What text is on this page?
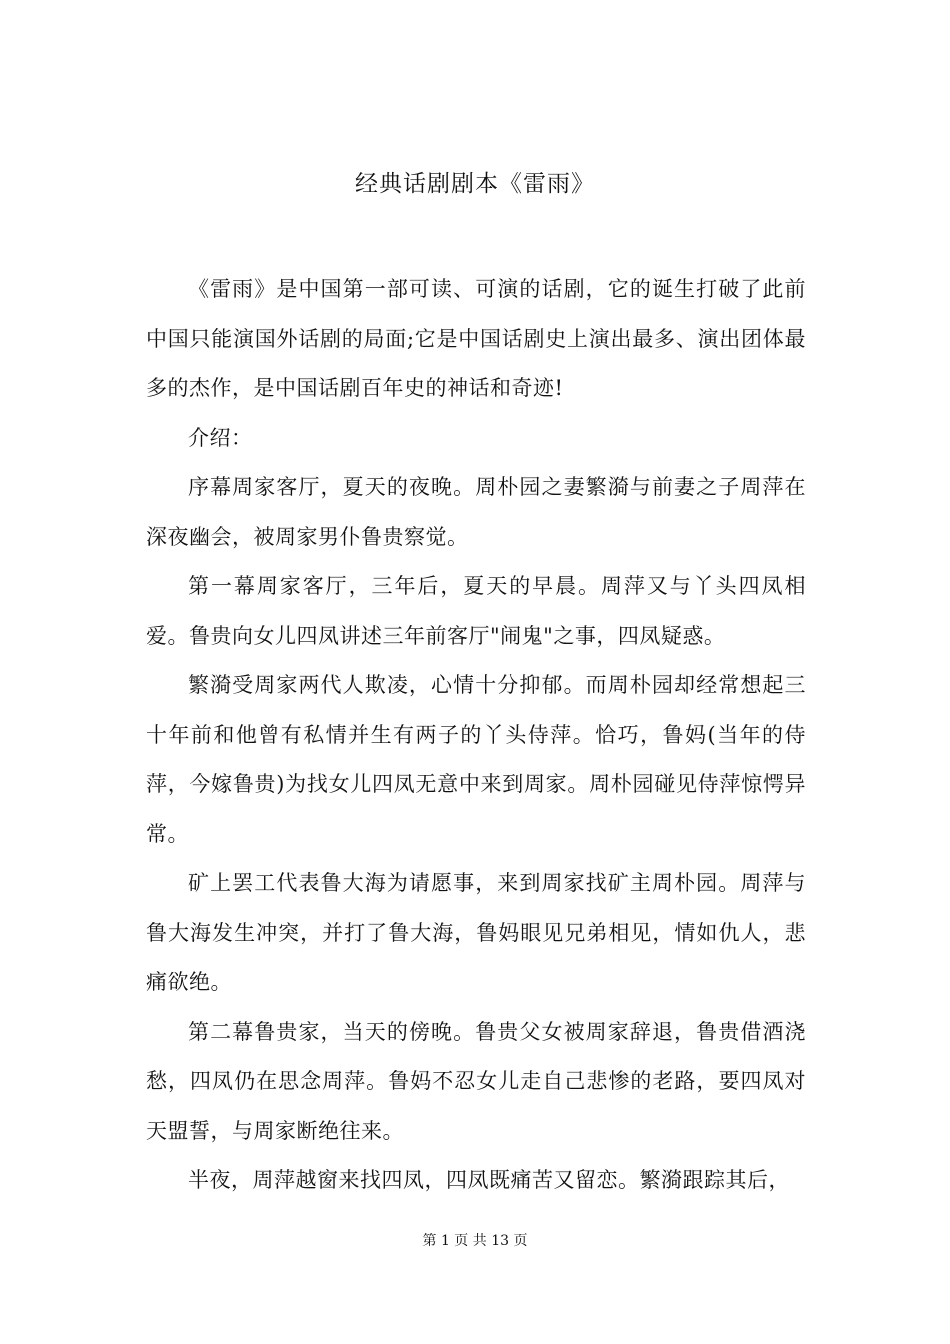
经典话剧剧本《雷雨》

《雷雨》是中国第一部可读、可演的话剧，它的诞生打破了此前中国只能演国外话剧的局面;它是中国话剧史上演出最多、演出团体最多的杰作，是中国话剧百年史的神话和奇迹!

介绍：

序幕周家客厅，夏天的夜晚。周朴园之妻繁漪与前妻之子周萍在深夜幽会，被周家男仆鲁贵察觉。

第一幕周家客厅，三年后，夏天的早晨。周萍又与丫头四凤相爱。鲁贵向女儿四凤讲述三年前客厅"闹鬼"之事，四凤疑惑。

繁漪受周家两代人欺凌，心情十分抑郁。而周朴园却经常想起三十年前和他曾有私情并生有两子的丫头侍萍。恰巧，鲁妈(当年的侍萍，今嫁鲁贵)为找女儿四凤无意中来到周家。周朴园碰见侍萍惊愕异常。

矿上罢工代表鲁大海为请愿事，来到周家找矿主周朴园。周萍与鲁大海发生冲突，并打了鲁大海，鲁妈眼见兄弟相见，情如仇人，悲痛欲绝。

第二幕鲁贵家，当天的傍晚。鲁贵父女被周家辞退，鲁贵借酒浇愁，四凤仍在思念周萍。鲁妈不忍女儿走自己悲惨的老路，要四凤对天盟誓，与周家断绝往来。

半夜，周萍越窗来找四凤，四凤既痛苦又留恋。繁漪跟踪其后，

第 1 页 共 13 页
